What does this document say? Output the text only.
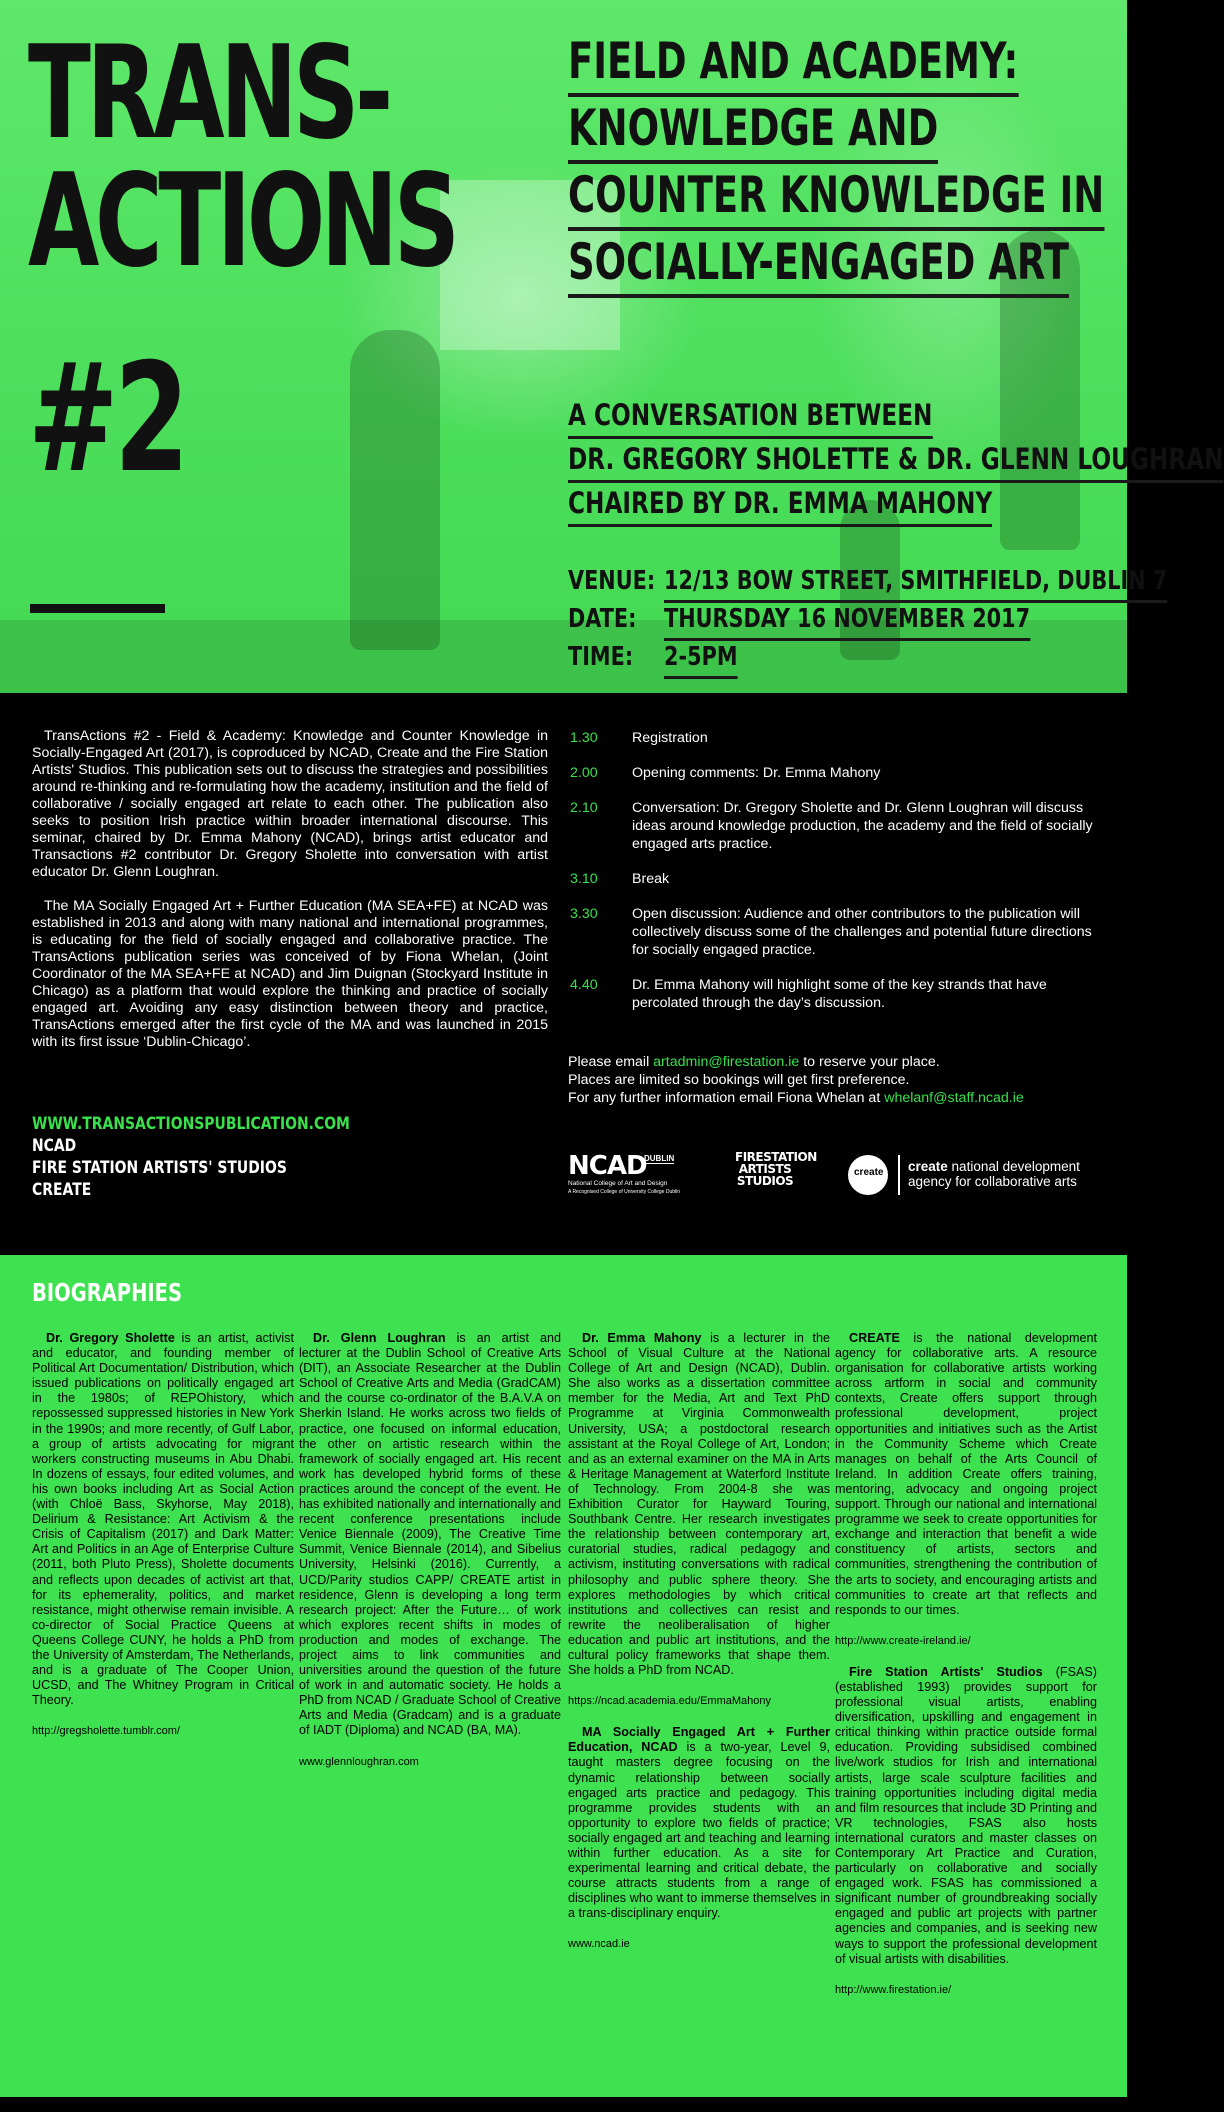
TRANS-
ACTIONS
#2
FIELD AND ACADEMY:
KNOWLEDGE AND
COUNTER KNOWLEDGE IN
SOCIALLY-ENGAGED ART
A CONVERSATION BETWEEN
DR. GREGORY SHOLETTE & DR. GLENN LOUGHRAN
CHAIRED BY DR. EMMA MAHONY
VENUE: 12/13 BOW STREET, SMITHFIELD, DUBLIN 7
DATE: THURSDAY 16 NOVEMBER 2017
TIME: 2-5PM

TransActions #2 - Field & Academy: Knowledge and Counter Knowledge in Socially-Engaged Art (2017), is coproduced by NCAD, Create and the Fire Station Artists' Studios. This publication sets out to discuss the strategies and possibilities around re-thinking and re-formulating how the academy, institution and the field of collaborative / socially engaged art relate to each other. The publication also seeks to position Irish practice within broader international discourse. This seminar, chaired by Dr. Emma Mahony (NCAD), brings artist educator and Transactions #2 contributor Dr. Gregory Sholette into conversation with artist educator Dr. Glenn Loughran.

The MA Socially Engaged Art + Further Education (MA SEA+FE) at NCAD was established in 2013 and along with many national and international programmes, is educating for the field of socially engaged and collaborative practice. The TransActions publication series was conceived of by Fiona Whelan, (Joint Coordinator of the MA SEA+FE at NCAD) and Jim Duignan (Stockyard Institute in Chicago) as a platform that would explore the thinking and practice of socially engaged art. Avoiding any easy distinction between theory and practice, TransActions emerged after the first cycle of the MA and was launched in 2015 with its first issue ‘Dublin-Chicago’.

1.30	Registration
2.00	Opening comments: Dr. Emma Mahony
2.10	Conversation: Dr. Gregory Sholette and Dr. Glenn Loughran will discuss ideas around knowledge production, the academy and the field of socially engaged arts practice.
3.10	Break
3.30	Open discussion: Audience and other contributors to the publication will collectively discuss some of the challenges and potential future directions for socially engaged practice.
4.40	Dr. Emma Mahony will highlight some of the key strands that have percolated through the day’s discussion.
Please email artadmin@firestation.ie to reserve your place.
Places are limited so bookings will get first preference.
For any further information email Fiona Whelan at whelanf@staff.ncad.ie
WWW.TRANSACTIONSPUBLICATION.COM
NCAD
FIRE STATION ARTISTS' STUDIOS
CREATE
NCAD
DUBLIN
National College of Art and Design
A Recognised College of University College Dublin
FIRESTATION ARTISTS STUDIOS
create create national development
agency for collaborative arts
BIOGRAPHIES

Dr. Gregory Sholette is an artist, activist and educator, and founding member of Political Art Documentation/ Distribution, which issued publications on politically engaged art in the 1980s; of REPOhistory, which repossessed suppressed histories in New York in the 1990s; and more recently, of Gulf Labor, a group of artists advocating for migrant workers constructing museums in Abu Dhabi. In dozens of essays, four edited volumes, and his own books including Art as Social Action (with Chloë Bass, Skyhorse, May 2018), Delirium & Resistance: Art Activism & the Crisis of Capitalism (2017) and Dark Matter: Art and Politics in an Age of Enterprise Culture (2011, both Pluto Press), Sholette documents and reflects upon decades of activist art that, for its ephemerality, politics, and market resistance, might otherwise remain invisible. A co-director of Social Practice Queens at Queens College CUNY, he holds a PhD from the University of Amsterdam, The Netherlands, and is a graduate of The Cooper Union, UCSD, and The Whitney Program in Critical Theory.

http://gregsholette.tumblr.com/

Dr. Glenn Loughran is an artist and lecturer at the Dublin School of Creative Arts (DIT), an Associate Researcher at the Dublin School of Creative Arts and Media (GradCAM) and the course co-ordinator of the B.A.V.A on Sherkin Island. He works across two fields of practice, one focused on informal education, the other on artistic research within the framework of socially engaged art. His recent work has developed hybrid forms of these practices around the concept of the event. He has exhibited nationally and internationally and recent conference presentations include Venice Biennale (2009), The Creative Time Summit, Venice Biennale (2014), and Sibelius University, Helsinki (2016). Currently, a UCD/Parity studios CAPP/ CREATE artist in residence, Glenn is developing a long term research project: After the Future… of work which explores recent shifts in modes of production and modes of exchange. The project aims to link communities and universities around the question of the future of work in and automatic society. He holds a PhD from NCAD / Graduate School of Creative Arts and Media (Gradcam) and is a graduate of IADT (Diploma) and NCAD (BA, MA).

www.glennloughran.com

Dr. Emma Mahony is a lecturer in the School of Visual Culture at the National College of Art and Design (NCAD), Dublin. She also works as a dissertation committee member for the Media, Art and Text PhD Programme at Virginia Commonwealth University, USA; a postdoctoral research assistant at the Royal College of Art, London; and as an external examiner on the MA in Arts & Heritage Management at Waterford Institute of Technology. From 2004-8 she was Exhibition Curator for Hayward Touring, Southbank Centre. Her research investigates the relationship between contemporary art, curatorial studies, radical pedagogy and activism, instituting conversations with radical philosophy and public sphere theory. She explores methodologies by which critical institutions and collectives can resist and rewrite the neoliberalisation of higher education and public art institutions, and the cultural policy frameworks that shape them. She holds a PhD from NCAD.

https://ncad.academia.edu/EmmaMahony

MA Socially Engaged Art + Further Education, NCAD is a two-year, Level 9, taught masters degree focusing on the dynamic relationship between socially engaged arts practice and pedagogy. This programme provides students with an opportunity to explore two fields of practice; socially engaged art and teaching and learning within further education. As a site for experimental learning and critical debate, the course attracts students from a range of disciplines who want to immerse themselves in a trans-disciplinary enquiry.

www.ncad.ie

CREATE is the national development agency for collaborative arts. A resource organisation for collaborative artists working across artform in social and community contexts, Create offers support through professional development, project opportunities and initiatives such as the Artist in the Community Scheme which Create manages on behalf of the Arts Council of Ireland. In addition Create offers training, mentoring, advocacy and ongoing project support. Through our national and international programme we seek to create opportunities for exchange and interaction that benefit a wide constituency of artists, sectors and communities, strengthening the contribution of the arts to society, and encouraging artists and communities to create art that reflects and responds to our times.

http://www.create-ireland.ie/

Fire Station Artists' Studios (FSAS) (established 1993) provides support for professional visual artists, enabling diversification, upskilling and engagement in critical thinking within practice outside formal education. Providing subsidised combined live/work studios for Irish and international artists, large scale sculpture facilities and training opportunities including digital media and film resources that include 3D Printing and VR technologies, FSAS also hosts international curators and master classes on Contemporary Art Practice and Curation, particularly on collaborative and socially engaged work. FSAS has commissioned a significant number of groundbreaking socially engaged and public art projects with partner agencies and companies, and is seeking new ways to support the professional development of visual artists with disabilities.

http://www.firestation.ie/
